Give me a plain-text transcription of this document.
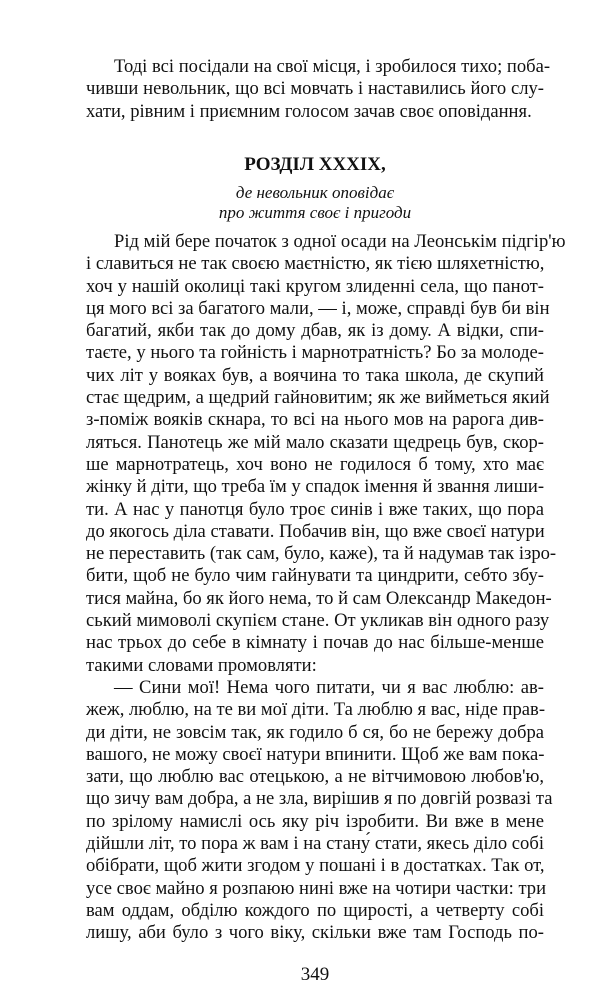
Тоді всі посідали на свої місця, і зробилося тихо; поба-
чивши невольник, що всі мовчать і наставились його слу-
хати, рівним і приємним голосом зачав своє оповідання.
РОЗДІЛ XXXIX,
де невольник оповідає
про життя своє і пригоди
Рід мій бере початок з одної осади на Леонськім підгір'ю
і славиться не так своєю маєтністю, як тією шляхетністю,
хоч у нашій околиці такі кругом злиденні села, що панот-
ця мого всі за багатого мали, — і, може, справді був би він
багатий, якби так до дому дбав, як із дому. А відки, спи-
таєте, у нього та гойність і марнотратність? Бо за молоде-
чих літ у вояках був, а воячина то така школа, де скупий
стає щедрим, а щедрий гайновитим; як же вийметься який
з-поміж вояків скнара, то всі на нього мов на рарога див-
ляться. Панотець же мій мало сказати щедрець був, скор-
ше марнотратець, хоч воно не годилося б тому, хто має
жінку й діти, що треба їм у спадок імення й звання лиши-
ти. А нас у панотця було троє синів і вже таких, що пора
до якогось діла ставати. Побачив він, що вже своєї натури
не переставить (так сам, було, каже), та й надумав так ізро-
бити, щоб не було чим гайнувати та циндрити, себто збу-
тися майна, бо як його нема, то й сам Олександр Македон-
ський мимоволі скупієм стане. От укликав він одного разу
нас трьох до себе в кімнату і почав до нас більше-менше
такими словами промовляти:
— Сини мої! Нема чого питати, чи я вас люблю: ав-
жеж, люблю, на те ви мої діти. Та люблю я вас, ніде прав-
ди діти, не зовсім так, як годило б ся, бо не бережу добра
вашого, не можу своєї натури впинити. Щоб же вам пока-
зати, що люблю вас отецькою, а не вітчимовою любов'ю,
що зичу вам добра, а не зла, вирішив я по довгій розвазі та
по зрілому намислі ось яку річ ізробити. Ви вже в мене
дійшли літ, то пора ж вам і на стану́ стати, якесь діло собі
обібрати, щоб жити згодом у пошані і в достатках. Так от,
усе своє майно я розпаюю нині вже на чотири частки: три
вам оддам, обділю кождого по щирості, а четверту собі
лишу, аби було з чого віку, скільки вже там Господь по-
349
